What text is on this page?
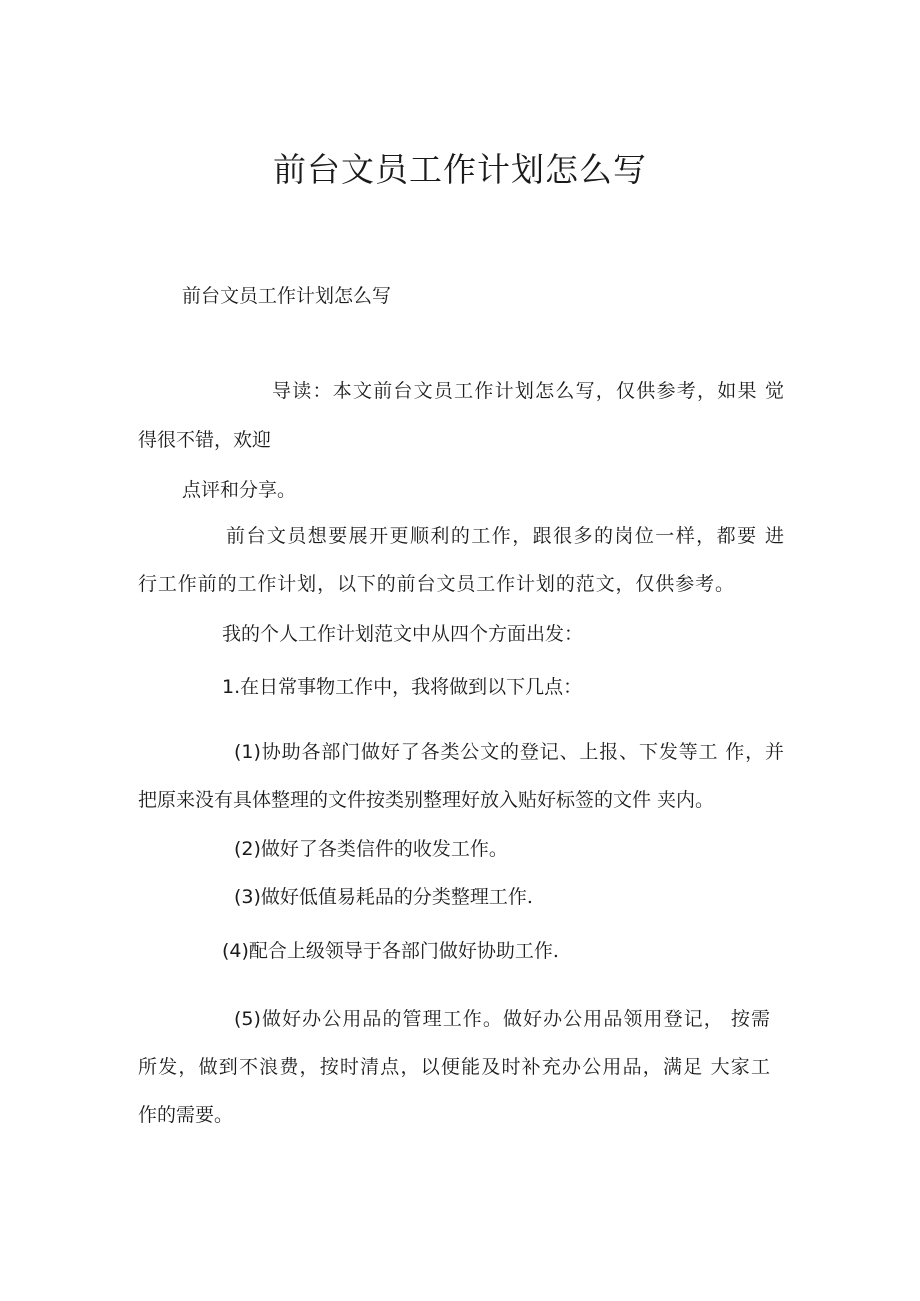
前台文员工作计划怎么写
前台文员工作计划怎么写
导读：本文前台文员工作计划怎么写，仅供参考，如果 觉
得很不错，欢迎
点评和分享。
前台文员想要展开更顺利的工作，跟很多的岗位一样，都要 进
行工作前的工作计划，以下的前台文员工作计划的范文，仅供参考。
我的个人工作计划范文中从四个方面出发：
1.在日常事物工作中，我将做到以下几点：
(1)协助各部门做好了各类公文的登记、上报、下发等工 作，并
把原来没有具体整理的文件按类别整理好放入贴好标签的文件 夹内。
(2)做好了各类信件的收发工作。
(3)做好低值易耗品的分类整理工作.
(4)配合上级领导于各部门做好协助工作.
(5)做好办公用品的管理工作。做好办公用品领用登记， 按需
所发，做到不浪费，按时清点，以便能及时补充办公用品，满足 大家工
作的需要。
